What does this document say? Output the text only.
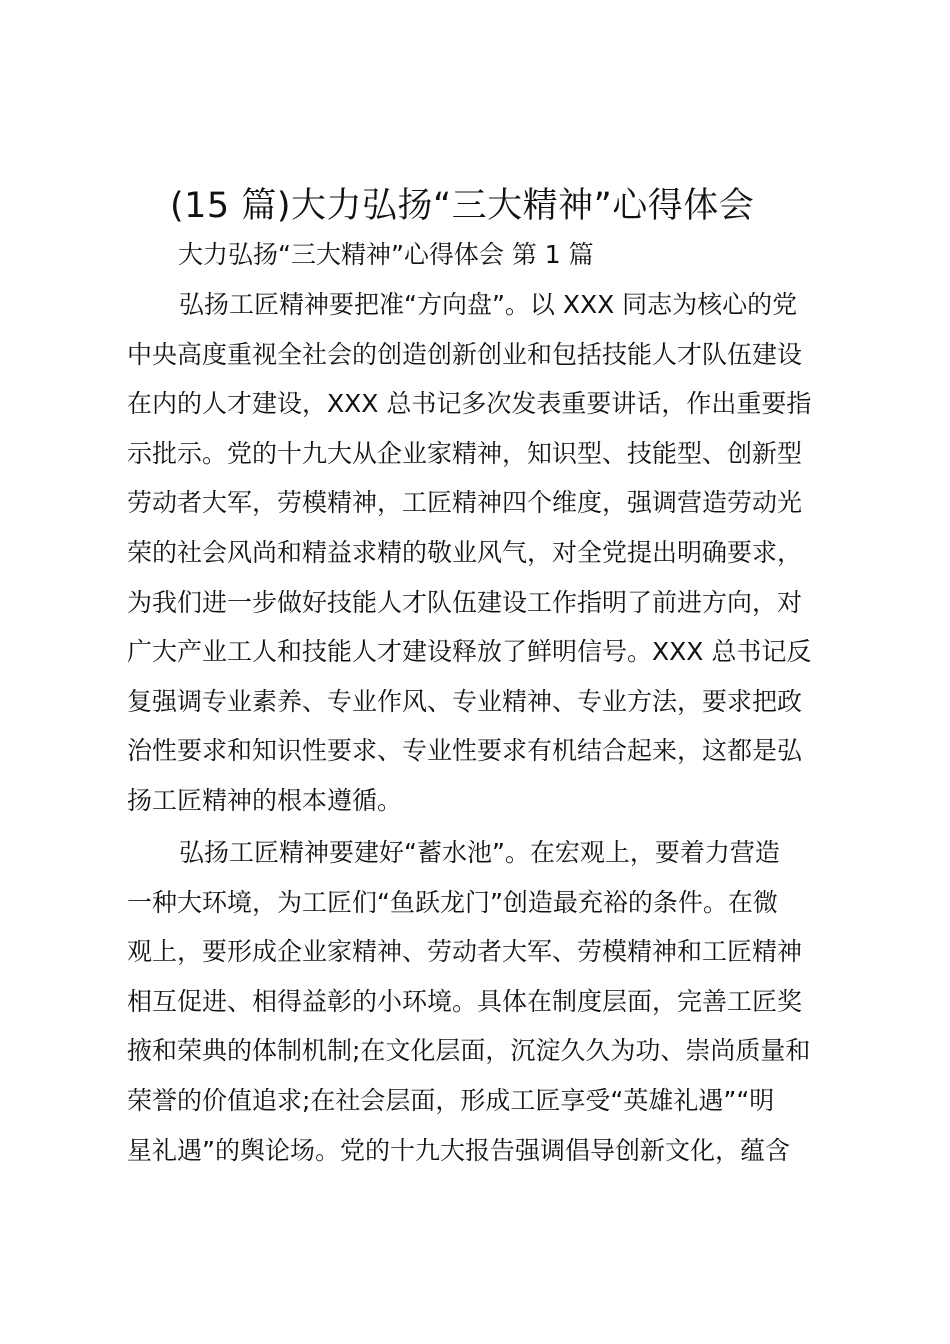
(15 篇)大力弘扬“三大精神”心得体会
大力弘扬“三大精神”心得体会 第 1 篇
弘扬工匠精神要把准“方向盘”。以 XXX 同志为核心的党
中央高度重视全社会的创造创新创业和包括技能人才队伍建设
在内的人才建设，XXX 总书记多次发表重要讲话，作出重要指
示批示。党的十九大从企业家精神，知识型、技能型、创新型
劳动者大军，劳模精神，工匠精神四个维度，强调营造劳动光
荣的社会风尚和精益求精的敬业风气，对全党提出明确要求，
为我们进一步做好技能人才队伍建设工作指明了前进方向，对
广大产业工人和技能人才建设释放了鲜明信号。XXX 总书记反
复强调专业素养、专业作风、专业精神、专业方法，要求把政
治性要求和知识性要求、专业性要求有机结合起来，这都是弘
扬工匠精神的根本遵循。
弘扬工匠精神要建好“蓄水池”。在宏观上，要着力营造
一种大环境，为工匠们“鱼跃龙门”创造最充裕的条件。在微
观上，要形成企业家精神、劳动者大军、劳模精神和工匠精神
相互促进、相得益彰的小环境。具体在制度层面，完善工匠奖
掖和荣典的体制机制;在文化层面，沉淀久久为功、崇尚质量和
荣誉的价值追求;在社会层面，形成工匠享受“英雄礼遇”“明
星礼遇”的舆论场。党的十九大报告强调倡导创新文化，蕴含
